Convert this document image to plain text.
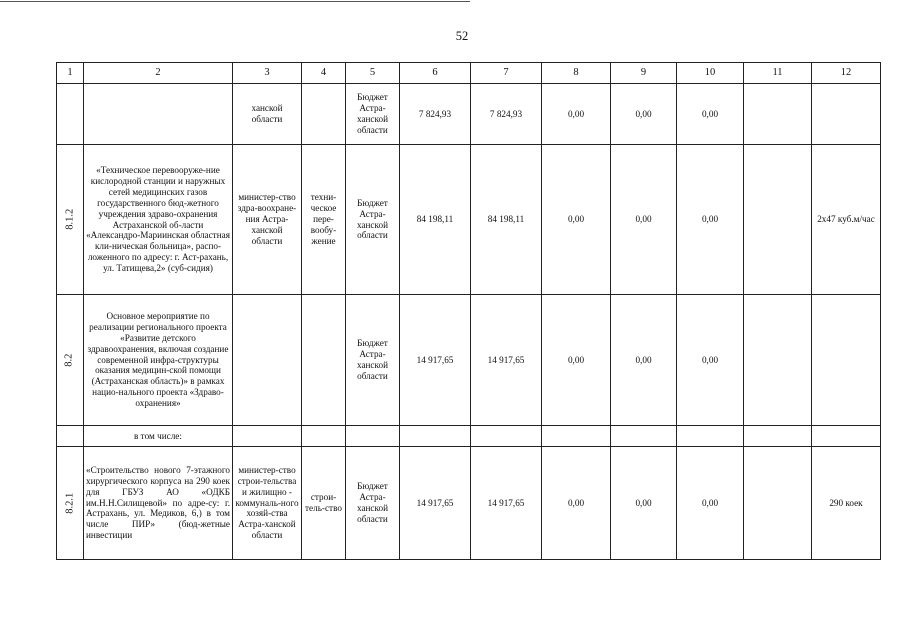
52
1	2	3	4	5	6	7	8	9	10	11	12
		ханской области		Бюджет Астра-ханской области	7 824,93	7 824,93	0,00	0,00	0,00		
8.1.2	«Техническое перевооруже-ние кислородной станции и наружных сетей медицинских газов государственного бюд-жетного учреждения здраво-охранения Астраханской об-ласти «Александро-Мариинская областная кли-ническая больница», распо-ложенного по адресу: г. Аст-рахань, ул. Татищева,2» (суб-сидия)	министер-ство здра-воохране-ния Астра-ханской области	техни-ческое пере-вообу-жение	Бюджет Астра-ханской области	84 198,11	84 198,11	0,00	0,00	0,00		2х47 куб.м/час
8.2	Основное мероприятие по реализации регионального проекта «Развитие детского здравоохранения, включая создание современной инфра-структуры оказания медицин-ской помощи (Астраханская область)» в рамках нацио-нального проекта «Здраво-охранения»			Бюджет Астра-ханской области	14 917,65	14 917,65	0,00	0,00	0,00		
	в том числе:										
8.2.1	«Строительство нового 7-этажного хирургического корпуса на 290 коек для ГБУЗ АО «ОДКБ им.Н.Н.Силищевой» по адре-су: г. Астрахань, ул. Медиков, 6,) в том числе ПИР» (бюд-жетные инвестиции	министер-ство строи-тельства и жилищно - коммуналь-ного хозяй-ства Астра-ханской области	строи-тель-ство	Бюджет Астра-ханской области	14 917,65	14 917,65	0,00	0,00	0,00		290 коек
